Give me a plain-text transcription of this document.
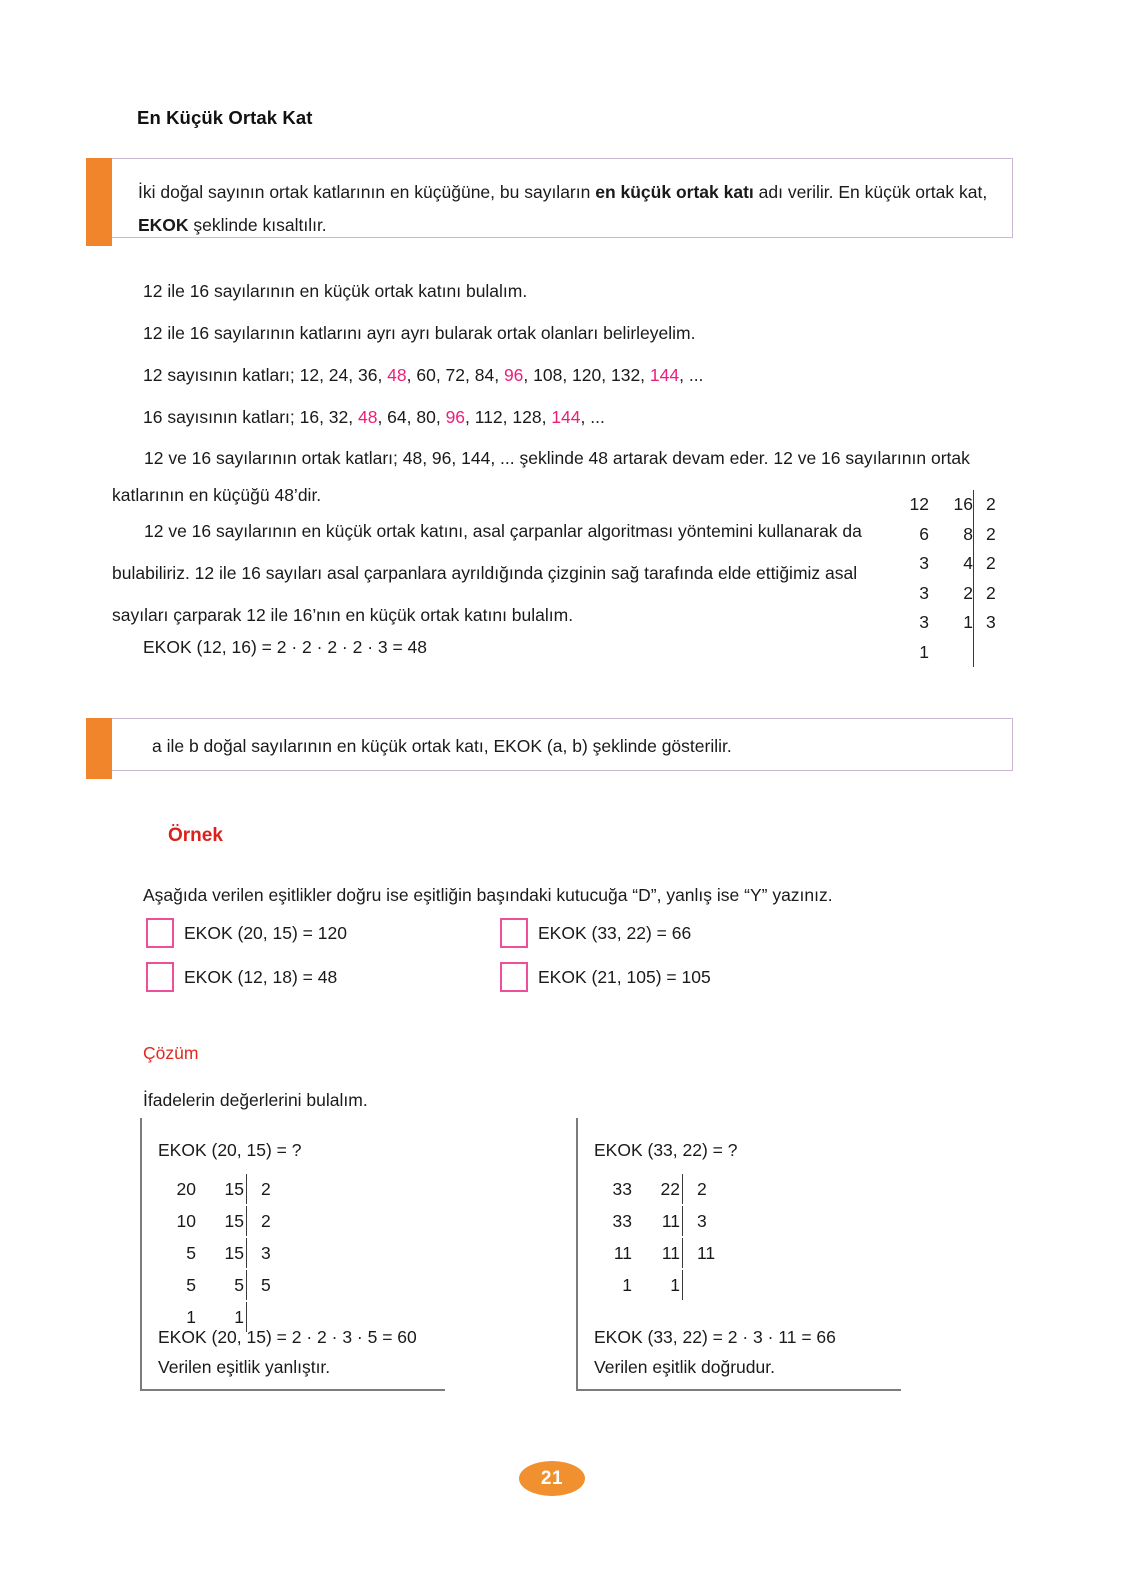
En Küçük Ortak Kat
İki doğal sayının ortak katlarının en küçüğüne, bu sayıların en küçük ortak katı adı verilir. En küçük ortak kat, EKOK şeklinde kısaltılır.
12 ile 16 sayılarının en küçük ortak katını bulalım.
12 ile 16 sayılarının katlarını ayrı ayrı bularak ortak olanları belirleyelim.
12 sayısının katları; 12, 24, 36, 48, 60, 72, 84, 96, 108, 120, 132, 144, ...
16 sayısının katları; 16, 32, 48, 64, 80, 96, 112, 128, 144, ...
12 ve 16 sayılarının ortak katları; 48, 96, 144, ... şeklinde 48 artarak devam eder. 12 ve 16 sayılarının ortak katlarının en küçüğü 48’dir.
12 ve 16 sayılarının en küçük ortak katını, asal çarpanlar algoritması yöntemini kullanarak da bulabiliriz. 12 ile 16 sayıları asal çarpanlara ayrıldığında çizginin sağ tarafında elde ettiğimiz asal sayıları çarparak 12 ile 16’nın en küçük ortak katını bulalım.
EKOK (12, 16) = 2 · 2 · 2 · 2 · 3 = 48
12	16	2
6	8	2
3	4	2
3	2	2
3	1	3
1		
a ile b doğal sayılarının en küçük ortak katı, EKOK (a, b) şeklinde gösterilir.
Örnek
Aşağıda verilen eşitlikler doğru ise eşitliğin başındaki kutucuğa “D”, yanlış ise “Y” yazınız.
EKOK (20, 15) = 120
EKOK (12, 18) = 48
EKOK (33, 22) = 66
EKOK (21, 105) = 105
Çözüm
İfadelerin değerlerini bulalım.
EKOK (20, 15) = ?
20	15	2
10	15	2
5	15	3
5	5	5
1	1	
EKOK (20, 15) = 2 · 2 · 3 · 5 = 60
Verilen eşitlik yanlıştır.
EKOK (33, 22) = ?
33	22	2
33	11	3
11	11	11
1	1	
EKOK (33, 22) = 2 · 3 · 11 = 66
Verilen eşitlik doğrudur.
21
